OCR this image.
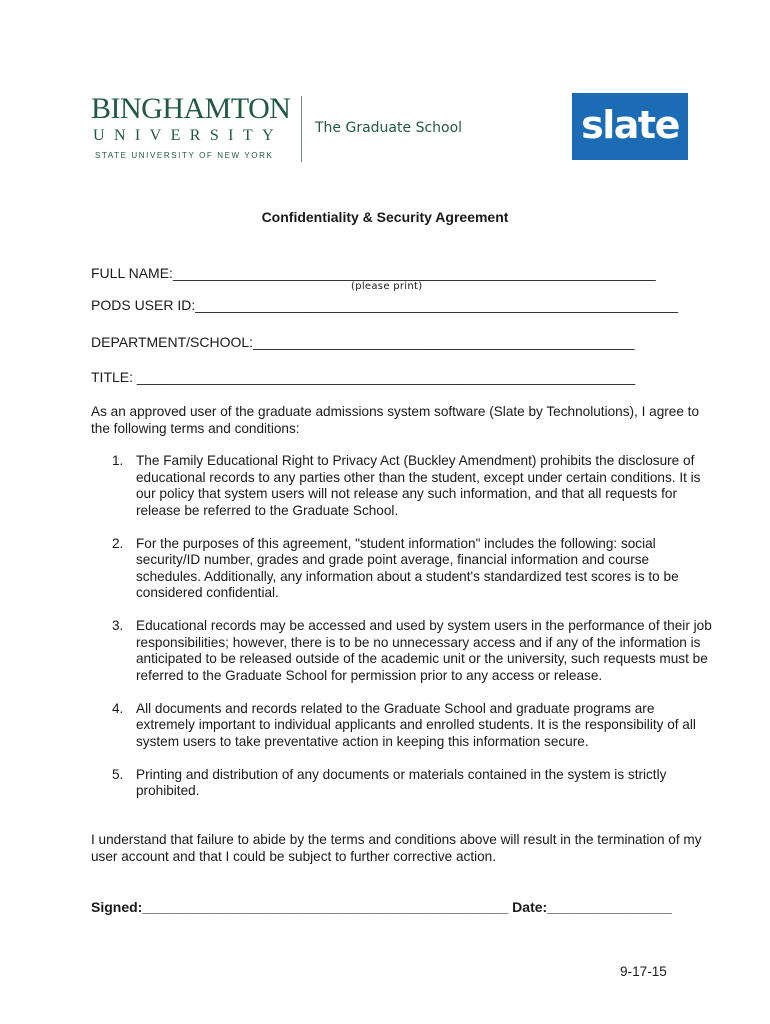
BINGHAMTON
UNIVERSITY
STATE UNIVERSITY OF NEW YORK
The Graduate School	slate
Confidentiality & Security Agreement
FULL NAME:______________________________________________________________
(please print)
PODS USER ID:______________________________________________________________
DEPARTMENT/SCHOOL:_________________________________________________
TITLE: ________________________________________________________________
As an approved user of the graduate admissions system software (Slate by Technolutions), I agree to the following terms and conditions:
1. The Family Educational Right to Privacy Act (Buckley Amendment) prohibits the disclosure of educational records to any parties other than the student, except under certain conditions. It is our policy that system users will not release any such information, and that all requests for release be referred to the Graduate School.
2. For the purposes of this agreement, "student information" includes the following: social security/ID number, grades and grade point average, financial information and course schedules. Additionally, any information about a student's standardized test scores is to be considered confidential.
3. Educational records may be accessed and used by system users in the performance of their job responsibilities; however, there is to be no unnecessary access and if any of the information is anticipated to be released outside of the academic unit or the university, such requests must be referred to the Graduate School for permission prior to any access or release.
4. All documents and records related to the Graduate School and graduate programs are extremely important to individual applicants and enrolled students. It is the responsibility of all system users to take preventative action in keeping this information secure.
5. Printing and distribution of any documents or materials contained in the system is strictly prohibited.
I understand that failure to abide by the terms and conditions above will result in the termination of my user account and that I could be subject to further corrective action.
Signed:_______________________________________________ Date:________________
9-17-15
